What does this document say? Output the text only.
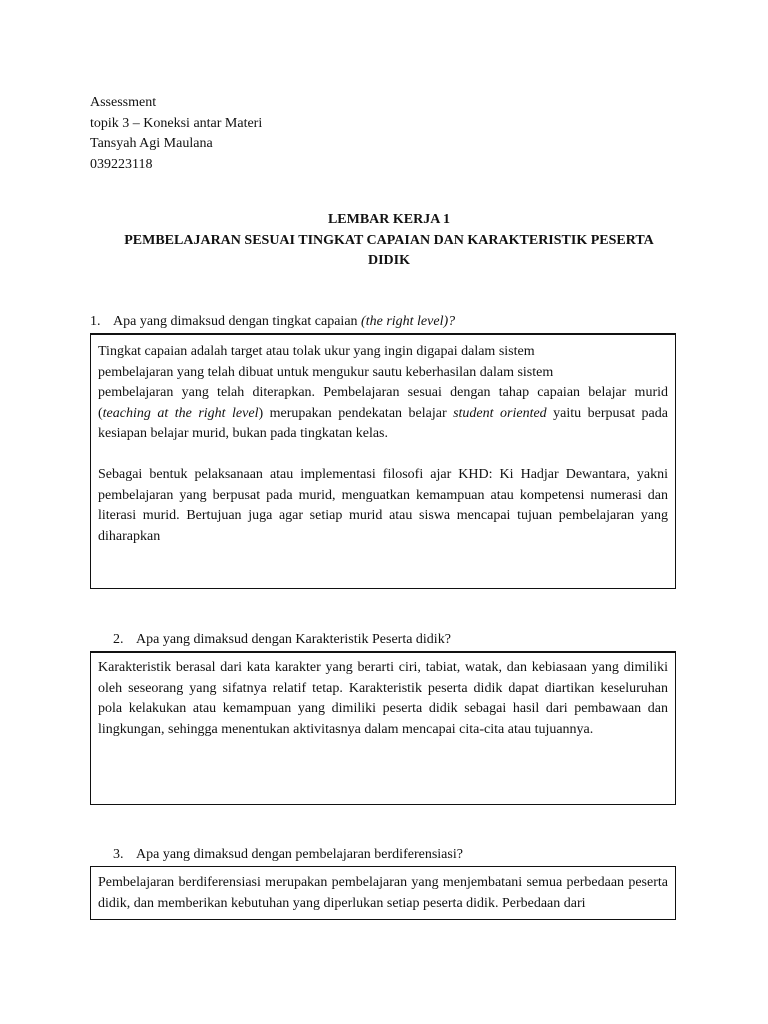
Assessment
topik 3 – Koneksi antar Materi
Tansyah Agi Maulana
039223118
LEMBAR KERJA 1
PEMBELAJARAN SESUAI TINGKAT CAPAIAN DAN KARAKTERISTIK PESERTA
DIDIK
1. Apa yang dimaksud dengan tingkat capaian (the right level)?

Tingkat capaian adalah target atau tolak ukur yang ingin digapai dalam sistem

pembelajaran yang telah dibuat untuk mengukur sautu keberhasilan dalam sistem

pembelajaran yang telah diterapkan. Pembelajaran sesuai dengan tahap capaian belajar murid (teaching at the right level) merupakan pendekatan belajar student oriented yaitu berpusat pada kesiapan belajar murid, bukan pada tingkatan kelas.

Sebagai bentuk pelaksanaan atau implementasi filosofi ajar KHD: Ki Hadjar Dewantara, yakni pembelajaran yang berpusat pada murid, menguatkan kemampuan atau kompetensi numerasi dan literasi murid. Bertujuan juga agar setiap murid atau siswa mencapai tujuan pembelajaran yang diharapkan

2. Apa yang dimaksud dengan Karakteristik Peserta didik?

Karakteristik berasal dari kata karakter yang berarti ciri, tabiat, watak, dan kebiasaan yang dimiliki oleh seseorang yang sifatnya relatif tetap. Karakteristik peserta didik dapat diartikan keseluruhan pola kelakukan atau kemampuan yang dimiliki peserta didik sebagai hasil dari pembawaan dan lingkungan, sehingga menentukan aktivitasnya dalam mencapai cita-cita atau tujuannya.

3. Apa yang dimaksud dengan pembelajaran berdiferensiasi?

Pembelajaran berdiferensiasi merupakan pembelajaran yang menjembatani semua perbedaan peserta didik, dan memberikan kebutuhan yang diperlukan setiap peserta didik. Perbedaan dari
